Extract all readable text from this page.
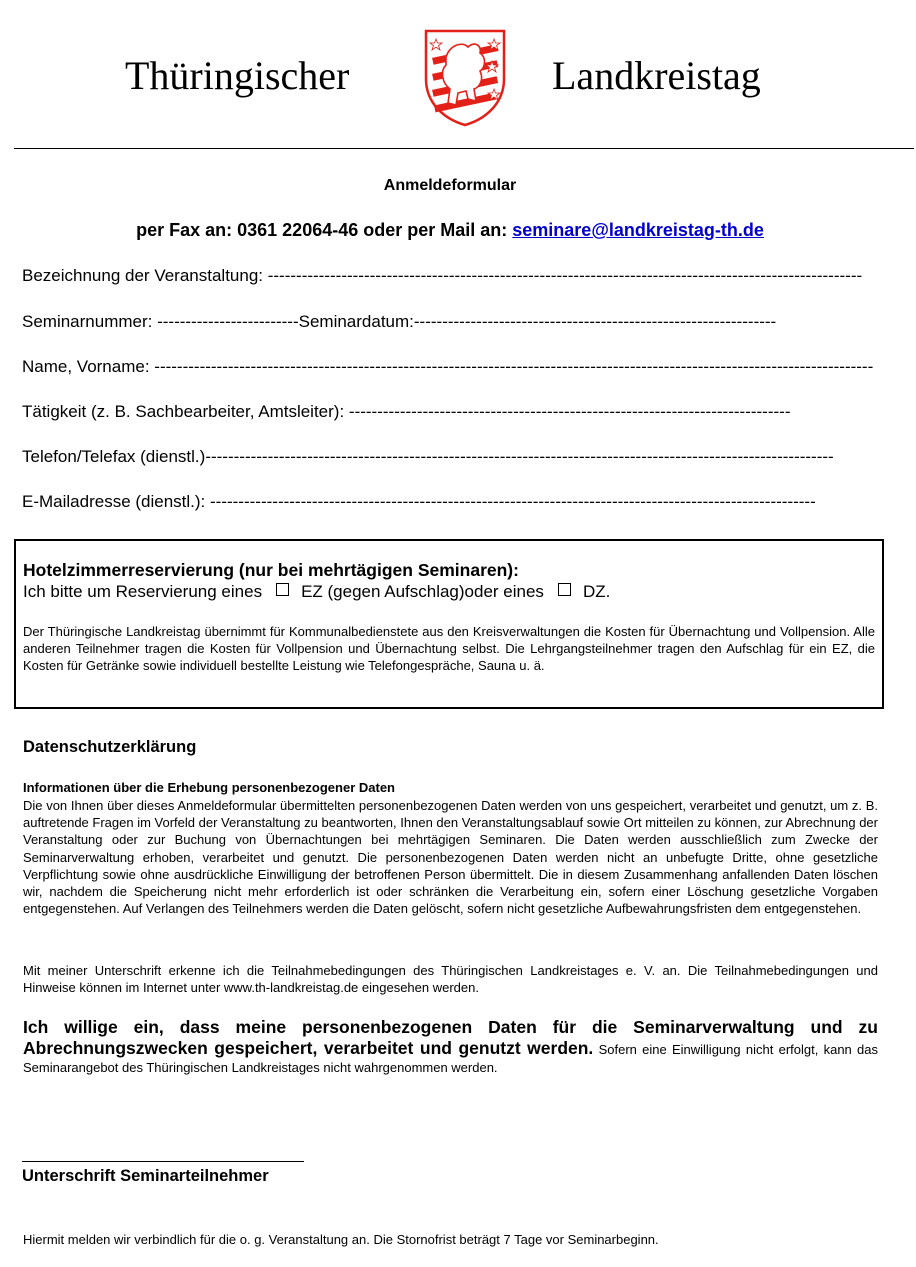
Thüringischer	Landkreistag
Anmeldeformular
per Fax an: 0361 22064-46 oder per Mail an: seminare@landkreistag-th.de
Bezeichnung der Veranstaltung: ---------------------------------------------------------------------------------------------------------
Seminarnummer: -------------------------Seminardatum:----------------------------------------------------------------
Name, Vorname: -------------------------------------------------------------------------------------------------------------------------------
Tätigkeit (z. B. Sachbearbeiter, Amtsleiter): ------------------------------------------------------------------------------
Telefon/Telefax (dienstl.)---------------------------------------------------------------------------------------------------------------
E-Mailadresse (dienstl.): -----------------------------------------------------------------------------------------------------------
Hotelzimmerreservierung (nur bei mehrtägigen Seminaren):
Ich bitte um Reservierung eines EZ (gegen Aufschlag)oder eines DZ.
Der Thüringische Landkreistag übernimmt für Kommunalbedienstete aus den Kreisverwaltungen die Kosten für Übernachtung und Vollpension. Alle anderen Teilnehmer tragen die Kosten für Vollpension und Übernachtung selbst. Die Lehrgangsteilnehmer tragen den Aufschlag für ein EZ, die Kosten für Getränke sowie individuell bestellte Leistung wie Telefongespräche, Sauna u. ä.
Datenschutzerklärung
Informationen über die Erhebung personenbezogener Daten
Die von Ihnen über dieses Anmeldeformular übermittelten personenbezogenen Daten werden von uns gespeichert, verarbeitet und genutzt, um z. B. auftretende Fragen im Vorfeld der Veranstaltung zu beantworten, Ihnen den Veranstaltungsablauf sowie Ort mitteilen zu können, zur Abrechnung der Veranstaltung oder zur Buchung von Übernachtungen bei mehrtägigen Seminaren. Die Daten werden ausschließlich zum Zwecke der Seminarverwaltung erhoben, verarbeitet und genutzt. Die personenbezogenen Daten werden nicht an unbefugte Dritte, ohne gesetzliche Verpflichtung sowie ohne ausdrückliche Einwilligung der betroffenen Person übermittelt. Die in diesem Zusammenhang anfallenden Daten löschen wir, nachdem die Speicherung nicht mehr erforderlich ist oder schränken die Verarbeitung ein, sofern einer Löschung gesetzliche Vorgaben entgegenstehen. Auf Verlangen des Teilnehmers werden die Daten gelöscht, sofern nicht gesetzliche Aufbewahrungsfristen dem entgegenstehen.
Mit meiner Unterschrift erkenne ich die Teilnahmebedingungen des Thüringischen Landkreistages e. V. an. Die Teilnahmebedingungen und Hinweise können im Internet unter www.th-landkreistag.de eingesehen werden.
Ich willige ein, dass meine personenbezogenen Daten für die Seminarverwaltung und zu Abrechnungszwecken gespeichert, verarbeitet und genutzt werden. Sofern eine Einwilligung nicht erfolgt, kann das Seminarangebot des Thüringischen Landkreistages nicht wahrgenommen werden.
Unterschrift Seminarteilnehmer
Hiermit melden wir verbindlich für die o. g. Veranstaltung an. Die Stornofrist beträgt 7 Tage vor Seminarbeginn.
